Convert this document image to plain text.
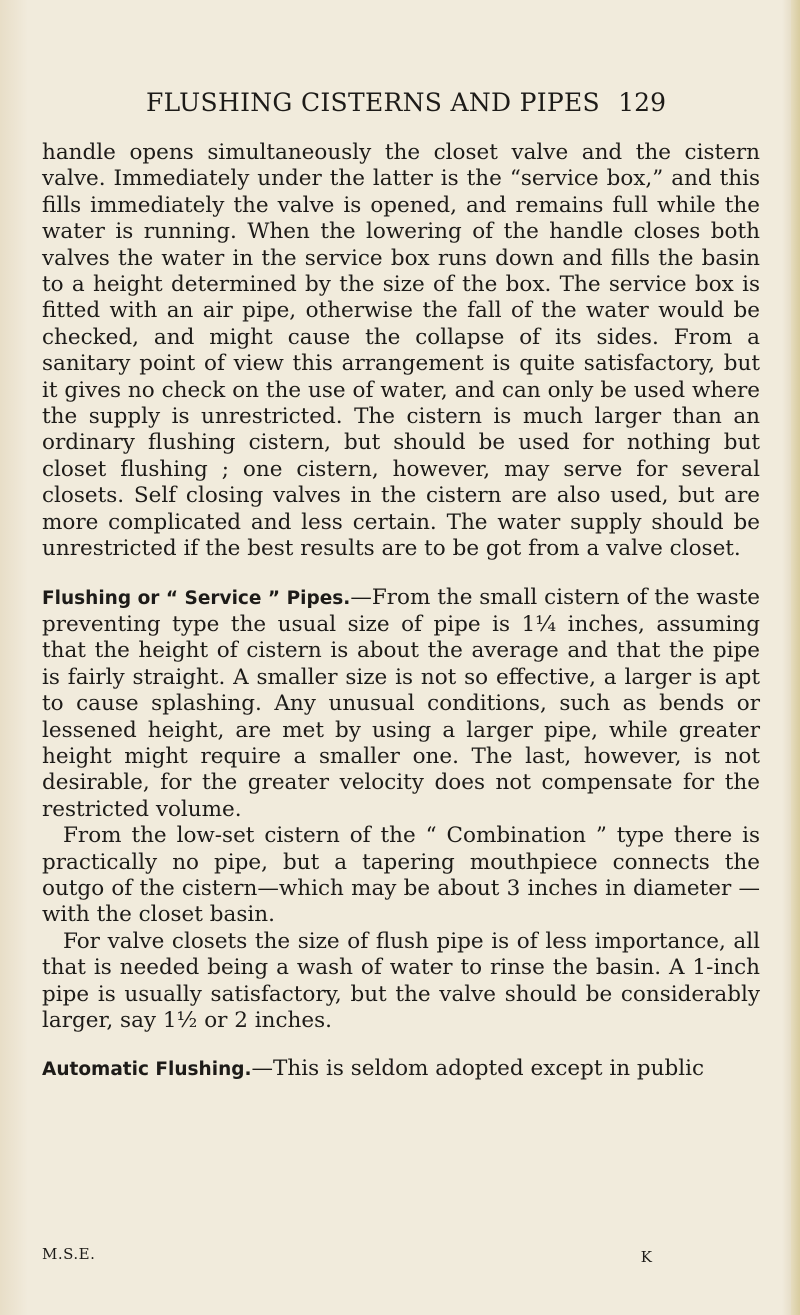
FLUSHING CISTERNS AND PIPES 129

handle opens simultaneously the closet valve and the cistern valve. Immediately under the latter is the “service box,” and this fills immediately the valve is opened, and remains full while the water is running. When the lowering of the handle closes both valves the water in the service box runs down and fills the basin to a height determined by the size of the box. The service box is fitted with an air pipe, otherwise the fall of the water would be checked, and might cause the collapse of its sides. From a sanitary point of view this arrangement is quite satisfactory, but it gives no check on the use of water, and can only be used where the supply is unrestricted. The cistern is much larger than an ordinary flushing cistern, but should be used for nothing but closet flushing ; one cistern, however, may serve for several closets. Self closing valves in the cistern are also used, but are more complicated and less certain. The water supply should be unrestricted if the best results are to be got from a valve closet.

Flushing or “ Service ” Pipes.—From the small cistern of the waste preventing type the usual size of pipe is 1¼ inches, assuming that the height of cistern is about the average and that the pipe is fairly straight. A smaller size is not so effective, a larger is apt to cause splashing. Any unusual conditions, such as bends or lessened height, are met by using a larger pipe, while greater height might require a smaller one. The last, however, is not desirable, for the greater velocity does not compensate for the restricted volume.

From the low-set cistern of the “ Combination ” type there is practically no pipe, but a tapering mouthpiece connects the outgo of the cistern—which may be about 3 inches in diameter —with the closet basin.

For valve closets the size of flush pipe is of less importance, all that is needed being a wash of water to rinse the basin. A 1-inch pipe is usually satisfactory, but the valve should be considerably larger, say 1½ or 2 inches.

Automatic Flushing.—This is seldom adopted except in public

M.S.E.	K
